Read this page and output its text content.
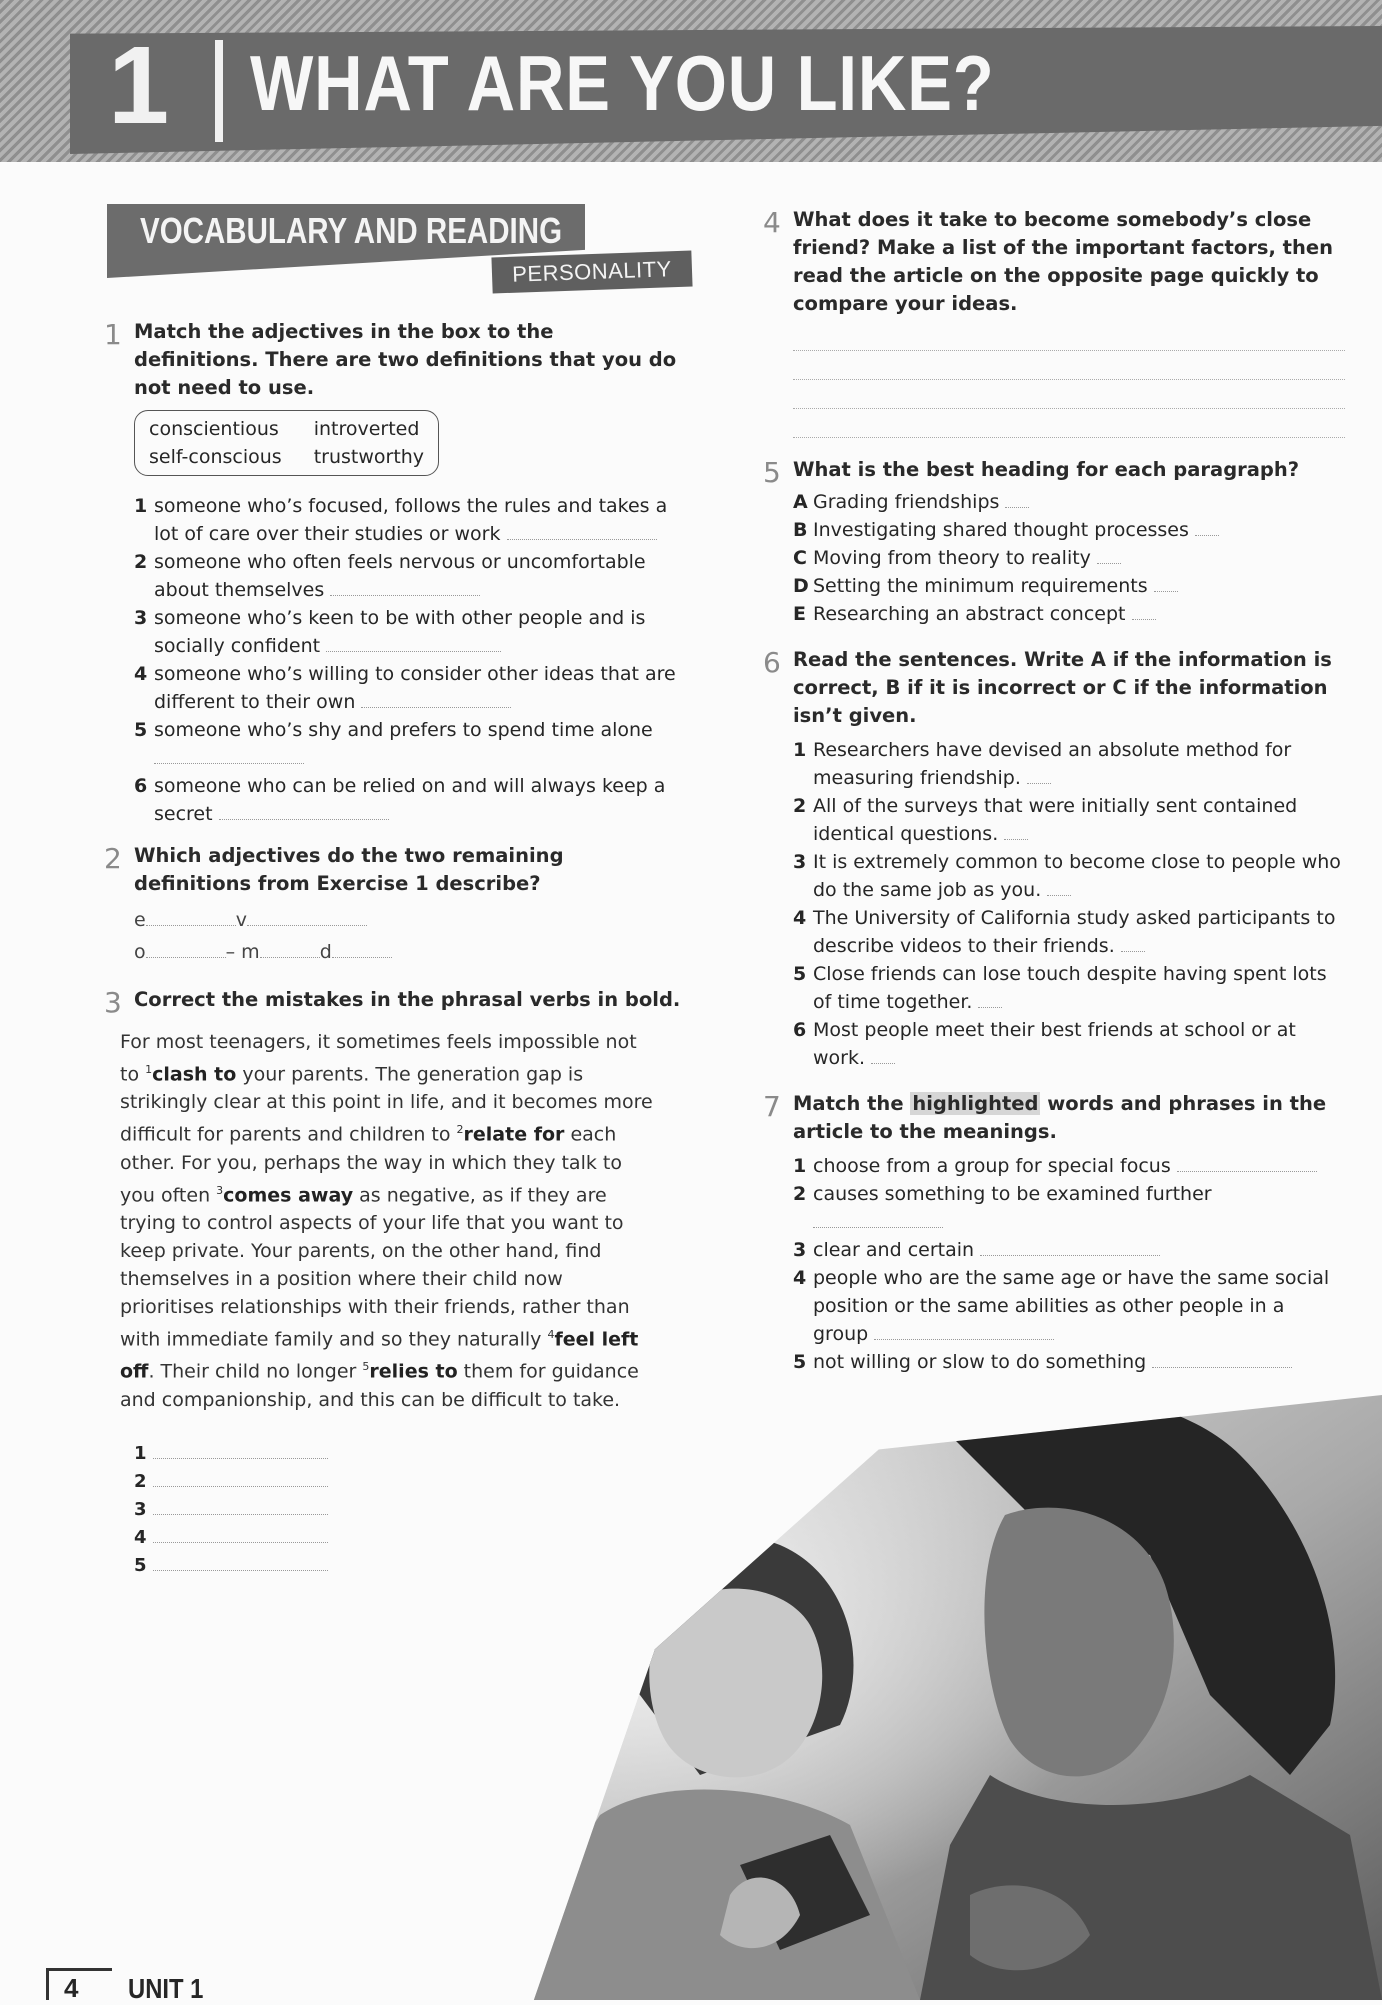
1 WHAT ARE YOU LIKE?
VOCABULARY AND READING
PERSONALITY
1 Match the adjectives in the box to the definitions. There are two definitions that you do not need to use.
conscientious introverted
self-conscious trustworthy
1 someone who’s focused, follows the rules and takes a lot of care over their studies or work
2 someone who often feels nervous or uncomfortable about themselves
3 someone who’s keen to be with other people and is socially confident
4 someone who’s willing to consider other ideas that are different to their own
5 someone who’s shy and prefers to spend time alone
6 someone who can be relied on and will always keep a secret
2 Which adjectives do the two remaining definitions from Exercise 1 describe?
e	v
o	– m	d
3 Correct the mistakes in the phrasal verbs in bold.
For most teenagers, it sometimes feels impossible not to $^1$clash to your parents. The generation gap is strikingly clear at this point in life, and it becomes more difficult for parents and children to $^2$relate for each other. For you, perhaps the way in which they talk to you often $^3$comes away as negative, as if they are trying to control aspects of your life that you want to keep private. Your parents, on the other hand, find themselves in a position where their child now prioritises relationships with their friends, rather than with immediate family and so they naturally $^4$feel left off. Their child no longer $^5$relies to them for guidance and companionship, and this can be difficult to take.
1
2
3
4
5
4 What does it take to become somebody’s close friend? Make a list of the important factors, then read the article on the opposite page quickly to compare your ideas.
5 What is the best heading for each paragraph?
A Grading friendships
B Investigating shared thought processes
C Moving from theory to reality
D Setting the minimum requirements
E Researching an abstract concept
6 Read the sentences. Write A if the information is correct, B if it is incorrect or C if the information isn’t given.
1 Researchers have devised an absolute method for measuring friendship.
2 All of the surveys that were initially sent contained identical questions.
3 It is extremely common to become close to people who do the same job as you.
4 The University of California study asked participants to describe videos to their friends.
5 Close friends can lose touch despite having spent lots of time together.
6 Most people meet their best friends at school or at work.
7 Match the highlighted words and phrases in the article to the meanings.
1 choose from a group for special focus
2 causes something to be examined further
3 clear and certain
4 people who are the same age or have the same social position or the same abilities as other people in a group
5 not willing or slow to do something
4 UNIT 1
